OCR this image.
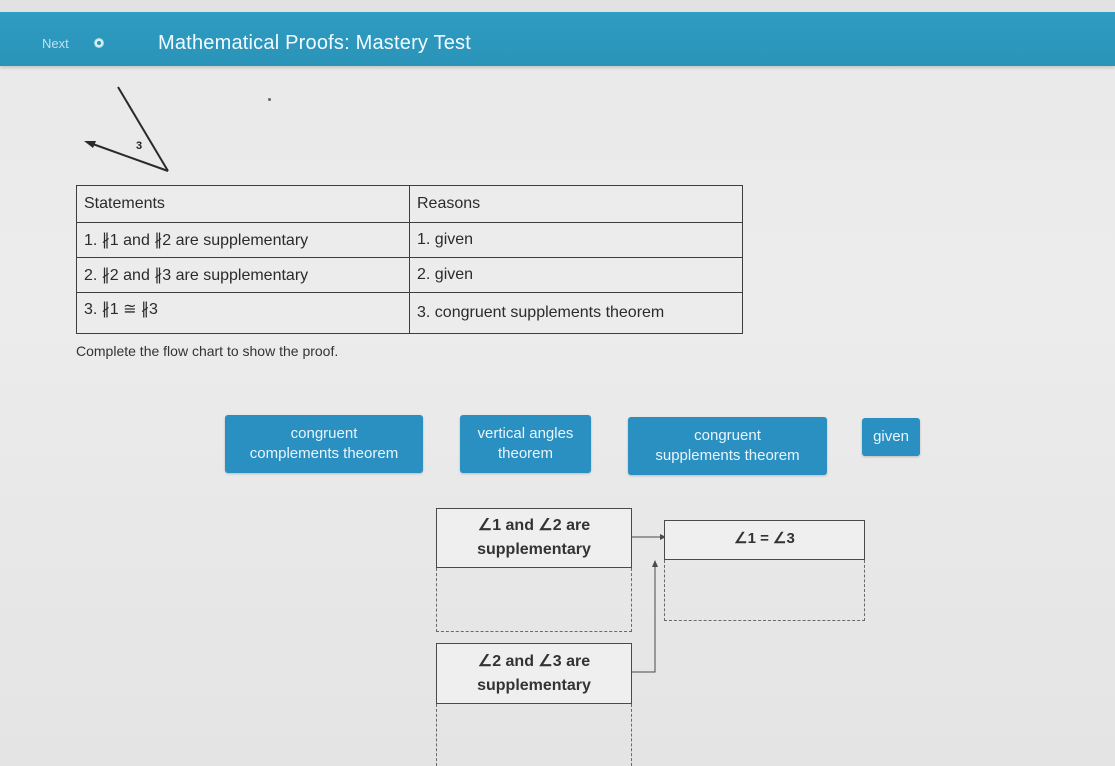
Next	Mathematical Proofs: Mastery Test
3
Statements	Reasons
1. ∦1 and ∦2 are supplementary	1. given
2. ∦2 and ∦3 are supplementary	2. given
3. ∦1 ≅ ∦3	3. congruent supplements theorem
Complete the flow chart to show the proof.
congruent
complements theorem
vertical angles
theorem
congruent
supplements theorem
given
∠1 and ∠2 are
supplementary
∠1 = ∠3
∠2 and ∠3 are
supplementary
